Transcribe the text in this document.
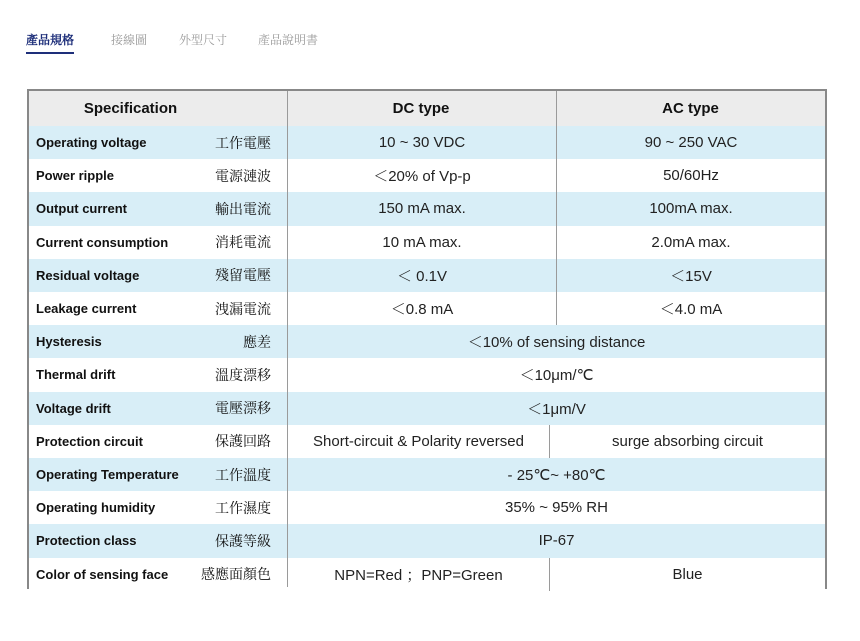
產品規格	接線圖	外型尺寸	產品說明書
Specification	DC type	AC type
Operating voltage	工作電壓	10 ~ 30 VDC	90 ~ 250 VAC
Power ripple	電源漣波	＜20% of Vp-p	50/60Hz
Output current	輸出電流	150 mA max.	100mA max.
Current consumption	消耗電流	10 mA max.	2.0mA max.
Residual voltage	殘留電壓	＜ 0.1V	＜15V
Leakage current	洩漏電流	＜0.8 mA	＜4.0 mA
Hysteresis	應差	＜10% of sensing distance
Thermal drift	溫度漂移	＜10μm/℃
Voltage drift	電壓漂移	＜1μm/V
Protection circuit	保護回路	Short-circuit & Polarity reversed	surge absorbing circuit
Operating Temperature	工作溫度	- 25℃~ +80℃
Operating humidity	工作濕度	35% ~ 95% RH
Protection class	保護等級	IP-67
Color of sensing face 感應面顏色	NPN=Red ；PNP=Green	Blue
